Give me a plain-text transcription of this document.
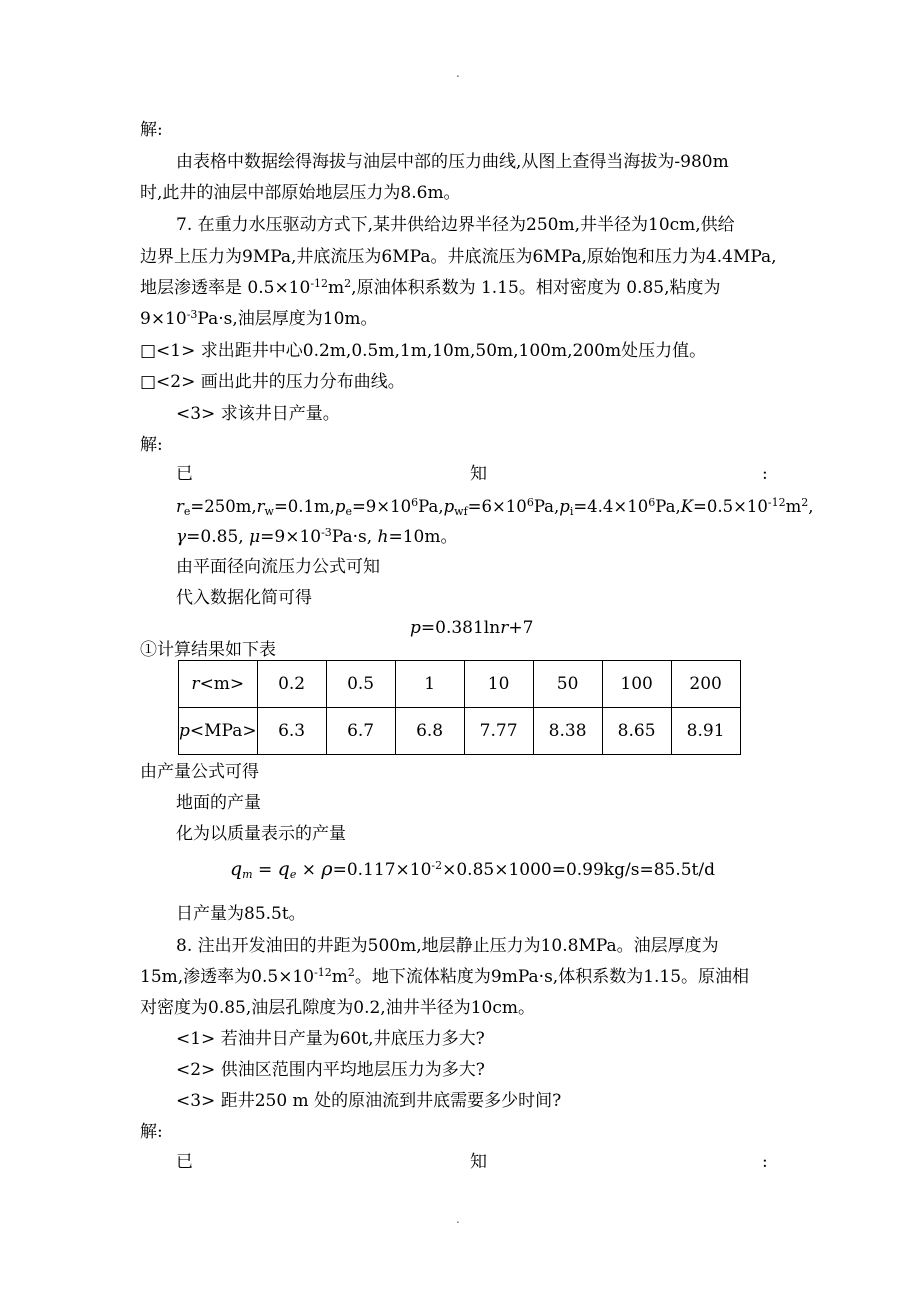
.
解:
由表格中数据绘得海拔与油层中部的压力曲线,从图上查得当海拔为-980m
时,此井的油层中部原始地层压力为8.6m。
7. 在重力水压驱动方式下,某井供给边界半径为250m,井半径为10cm,供给
边界上压力为9MPa,井底流压为6MPa。井底流压为6MPa,原始饱和压力为4.4MPa,
地层渗透率是 $0.5\times 10^{-12}m^2$,原油体积系数为 1.15。相对密度为 0.85,粘度为
$9\times 10^{-3}Pa\cdot s$,油层厚度为10m。
□<1> 求出距井中心0.2m,0.5m,1m,10m,50m,100m,200m处压力值。
□<2> 画出此井的压力分布曲线。
<3> 求该井日产量。
解:
已	知	:
$r_e=250m,r_w=0.1m,p_e=9\times 10^6Pa,p_{wf}=6\times 10^6Pa,p_i=4.4\times 10^6Pa,K=0.5\times 10^{-12}m^2$,
γ=0.85, $\mu=9\times 10^{-3}Pa\cdot s$, h=10m。
由平面径向流压力公式可知
代入数据化简可得
p=0.381lnr+7
①计算结果如下表
r<m>	0.2	0.5	1	10	50	100	200
p<MPa>	6.3	6.7	6.8	7.77	8.38	8.65	8.91
由产量公式可得
地面的产量
化为以质量表示的产量
$q_m = q_e \times \rho=0.117\times 10^{-2}\times 0.85\times 1000=0.99kg/s=85.5t/d$
日产量为85.5t。
8. 注出开发油田的井距为500m,地层静止压力为10.8MPa。油层厚度为
15m,渗透率为$0.5\times 10^{-12}m^2$。地下流体粘度为9mPa·s,体积系数为1.15。原油相
对密度为0.85,油层孔隙度为0.2,油井半径为10cm。
<1> 若油井日产量为60t,井底压力多大?
<2> 供油区范围内平均地层压力为多大?
<3> 距井250 m 处的原油流到井底需要多少时间?
解:
已	知	:
.
